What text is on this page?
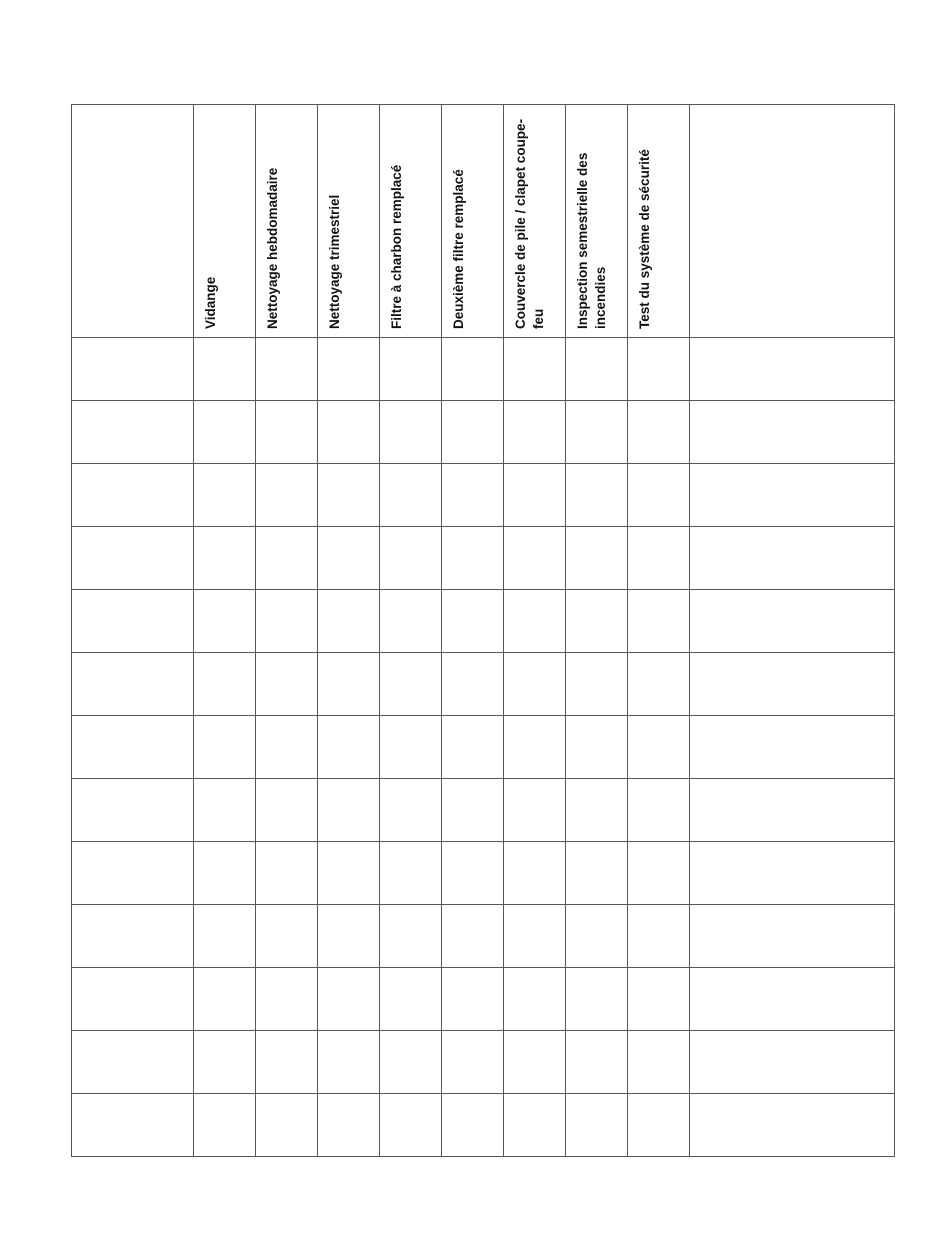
	Vidange	Nettoyage hebdomadaire	Nettoyage trimestriel	Filtre à charbon remplacé	Deuxième filtre remplacé	Couvercle de pile / clapet coupe-feu	Inspection semestrielle des incendies	Test du système de sécurité	
